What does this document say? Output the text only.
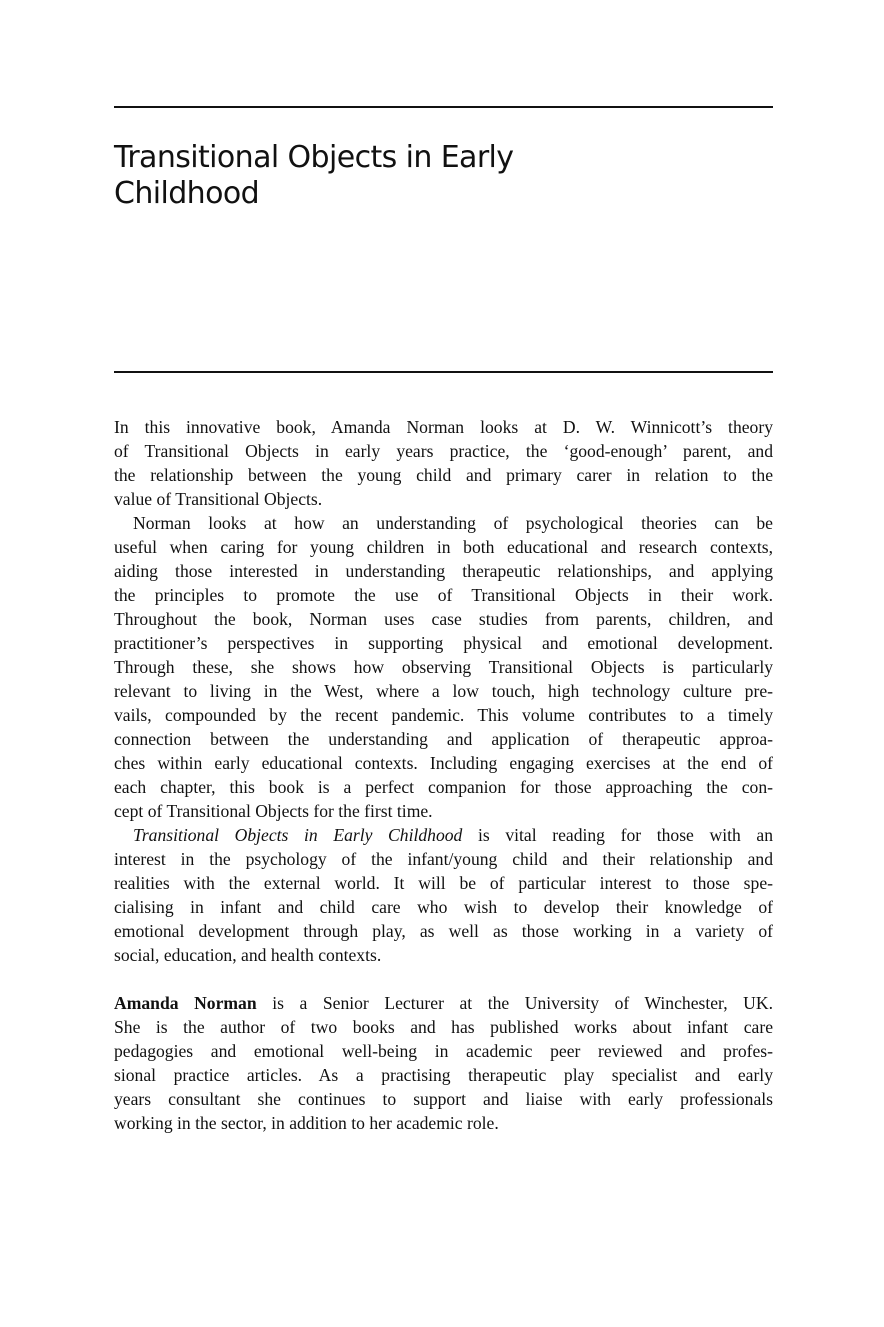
Transitional Objects in Early
Childhood
In this innovative book, Amanda Norman looks at D. W. Winnicott’s theory
of Transitional Objects in early years practice, the ‘good-enough’ parent, and
the relationship between the young child and primary carer in relation to the
value of Transitional Objects.
Norman looks at how an understanding of psychological theories can be
useful when caring for young children in both educational and research contexts,
aiding those interested in understanding therapeutic relationships, and applying
the principles to promote the use of Transitional Objects in their work.
Throughout the book, Norman uses case studies from parents, children, and
practitioner’s perspectives in supporting physical and emotional development.
Through these, she shows how observing Transitional Objects is particularly
relevant to living in the West, where a low touch, high technology culture pre-
vails, compounded by the recent pandemic. This volume contributes to a timely
connection between the understanding and application of therapeutic approa-
ches within early educational contexts. Including engaging exercises at the end of
each chapter, this book is a perfect companion for those approaching the con-
cept of Transitional Objects for the first time.
Transitional Objects in Early Childhood is vital reading for those with an
interest in the psychology of the infant/young child and their relationship and
realities with the external world. It will be of particular interest to those spe-
cialising in infant and child care who wish to develop their knowledge of
emotional development through play, as well as those working in a variety of
social, education, and health contexts.
Amanda Norman is a Senior Lecturer at the University of Winchester, UK.
She is the author of two books and has published works about infant care
pedagogies and emotional well-being in academic peer reviewed and profes-
sional practice articles. As a practising therapeutic play specialist and early
years consultant she continues to support and liaise with early professionals
working in the sector, in addition to her academic role.
